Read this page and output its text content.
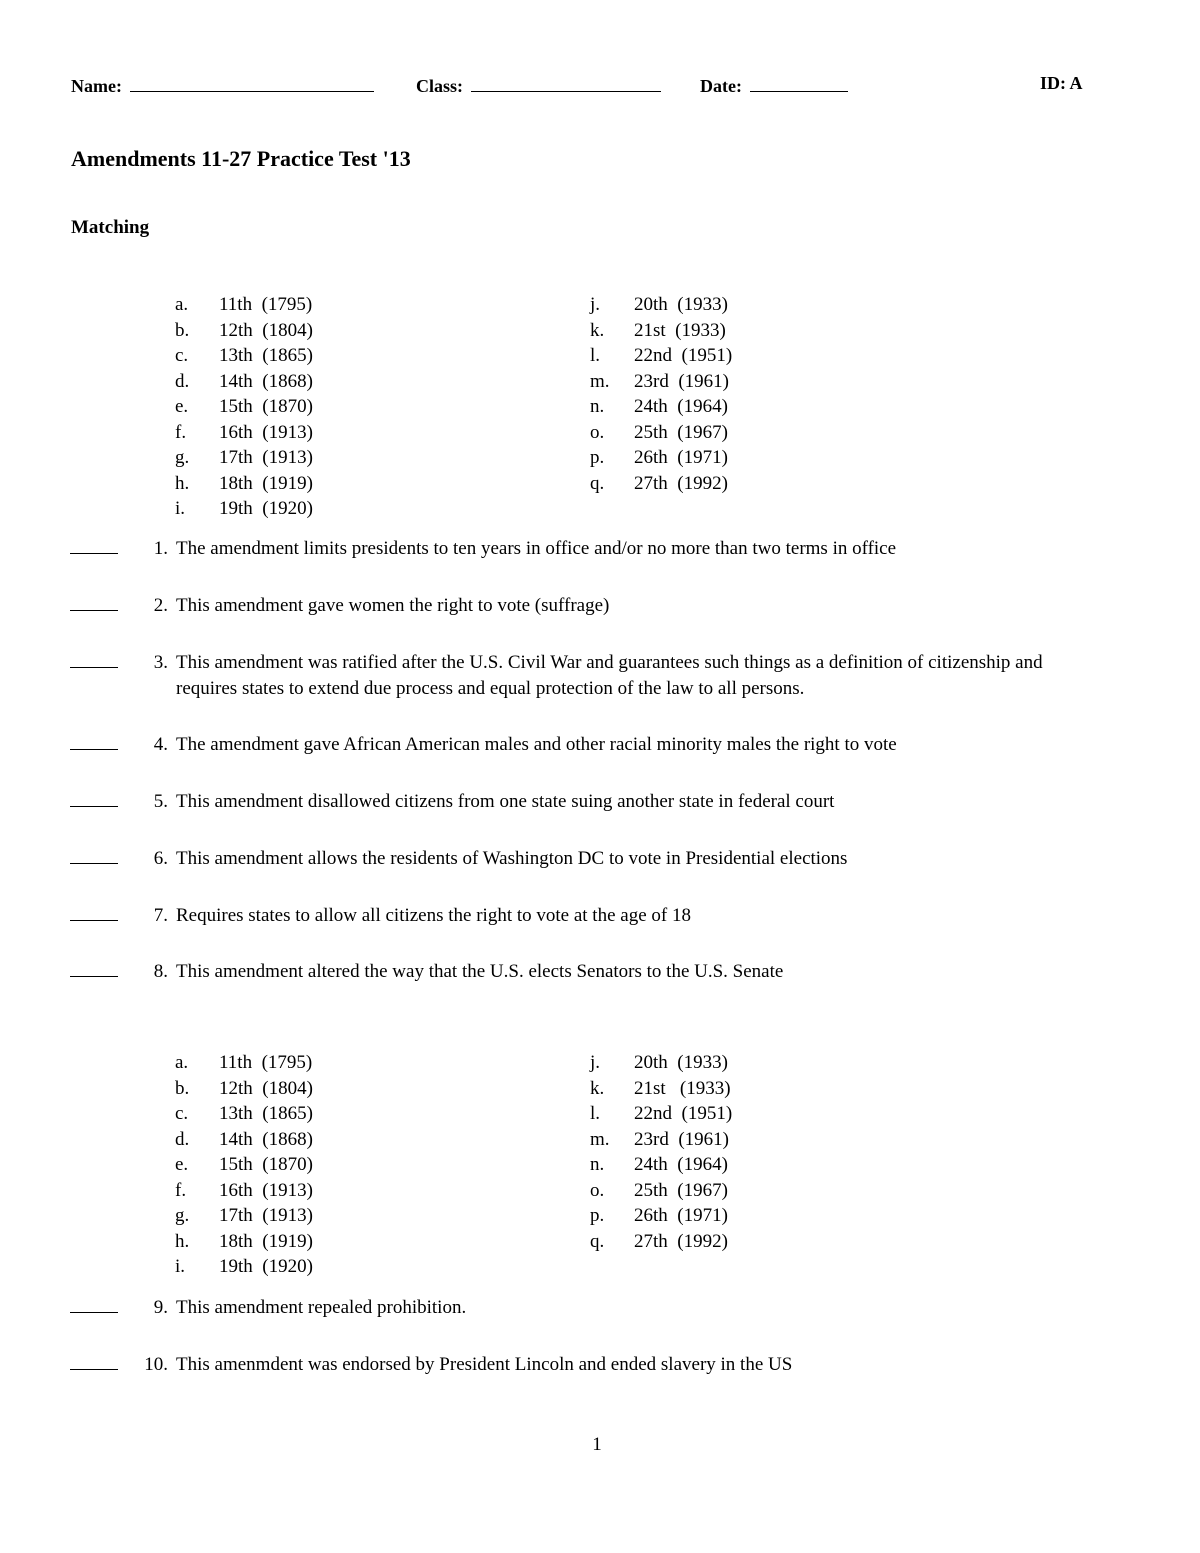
Name:	Class:	Date:	ID: A
Amendments 11-27 Practice Test '13
Matching
a. 11th  (1795)
b. 12th  (1804)
c. 13th  (1865)
d. 14th  (1868)
e. 15th  (1870)
f. 16th  (1913)
g. 17th  (1913)
h. 18th  (1919)
i. 19th  (1920)
j. 20th  (1933)
k. 21st  (1933)
l. 22nd  (1951)
m. 23rd  (1961)
n. 24th  (1964)
o. 25th  (1967)
p. 26th  (1971)
q. 27th  (1992)
1. The amendment limits presidents to ten years in office and/or no more than two terms in office
2. This amendment gave women the right to vote (suffrage)
3. This amendment was ratified after the U.S. Civil War and guarantees such things as a definition of citizenship and requires states to extend due process and equal protection of the law to all persons.
4. The amendment gave African American males and other racial minority males the right to vote
5. This amendment disallowed citizens from one state suing another state in federal court
6. This amendment allows the residents of Washington DC to vote in Presidential elections
7. Requires states to allow all citizens the right to vote at the age of 18
8. This amendment altered the way that the U.S. elects Senators to the U.S. Senate
a. 11th  (1795)
b. 12th  (1804)
c. 13th  (1865)
d. 14th  (1868)
e. 15th  (1870)
f. 16th  (1913)
g. 17th  (1913)
h. 18th  (1919)
i. 19th  (1920)
j. 20th  (1933)
k. 21st   (1933)
l. 22nd  (1951)
m. 23rd  (1961)
n. 24th  (1964)
o. 25th  (1967)
p. 26th  (1971)
q. 27th  (1992)
9. This amendment repealed prohibition.
10. This amenmdent was endorsed by President Lincoln and ended slavery in the US
1
